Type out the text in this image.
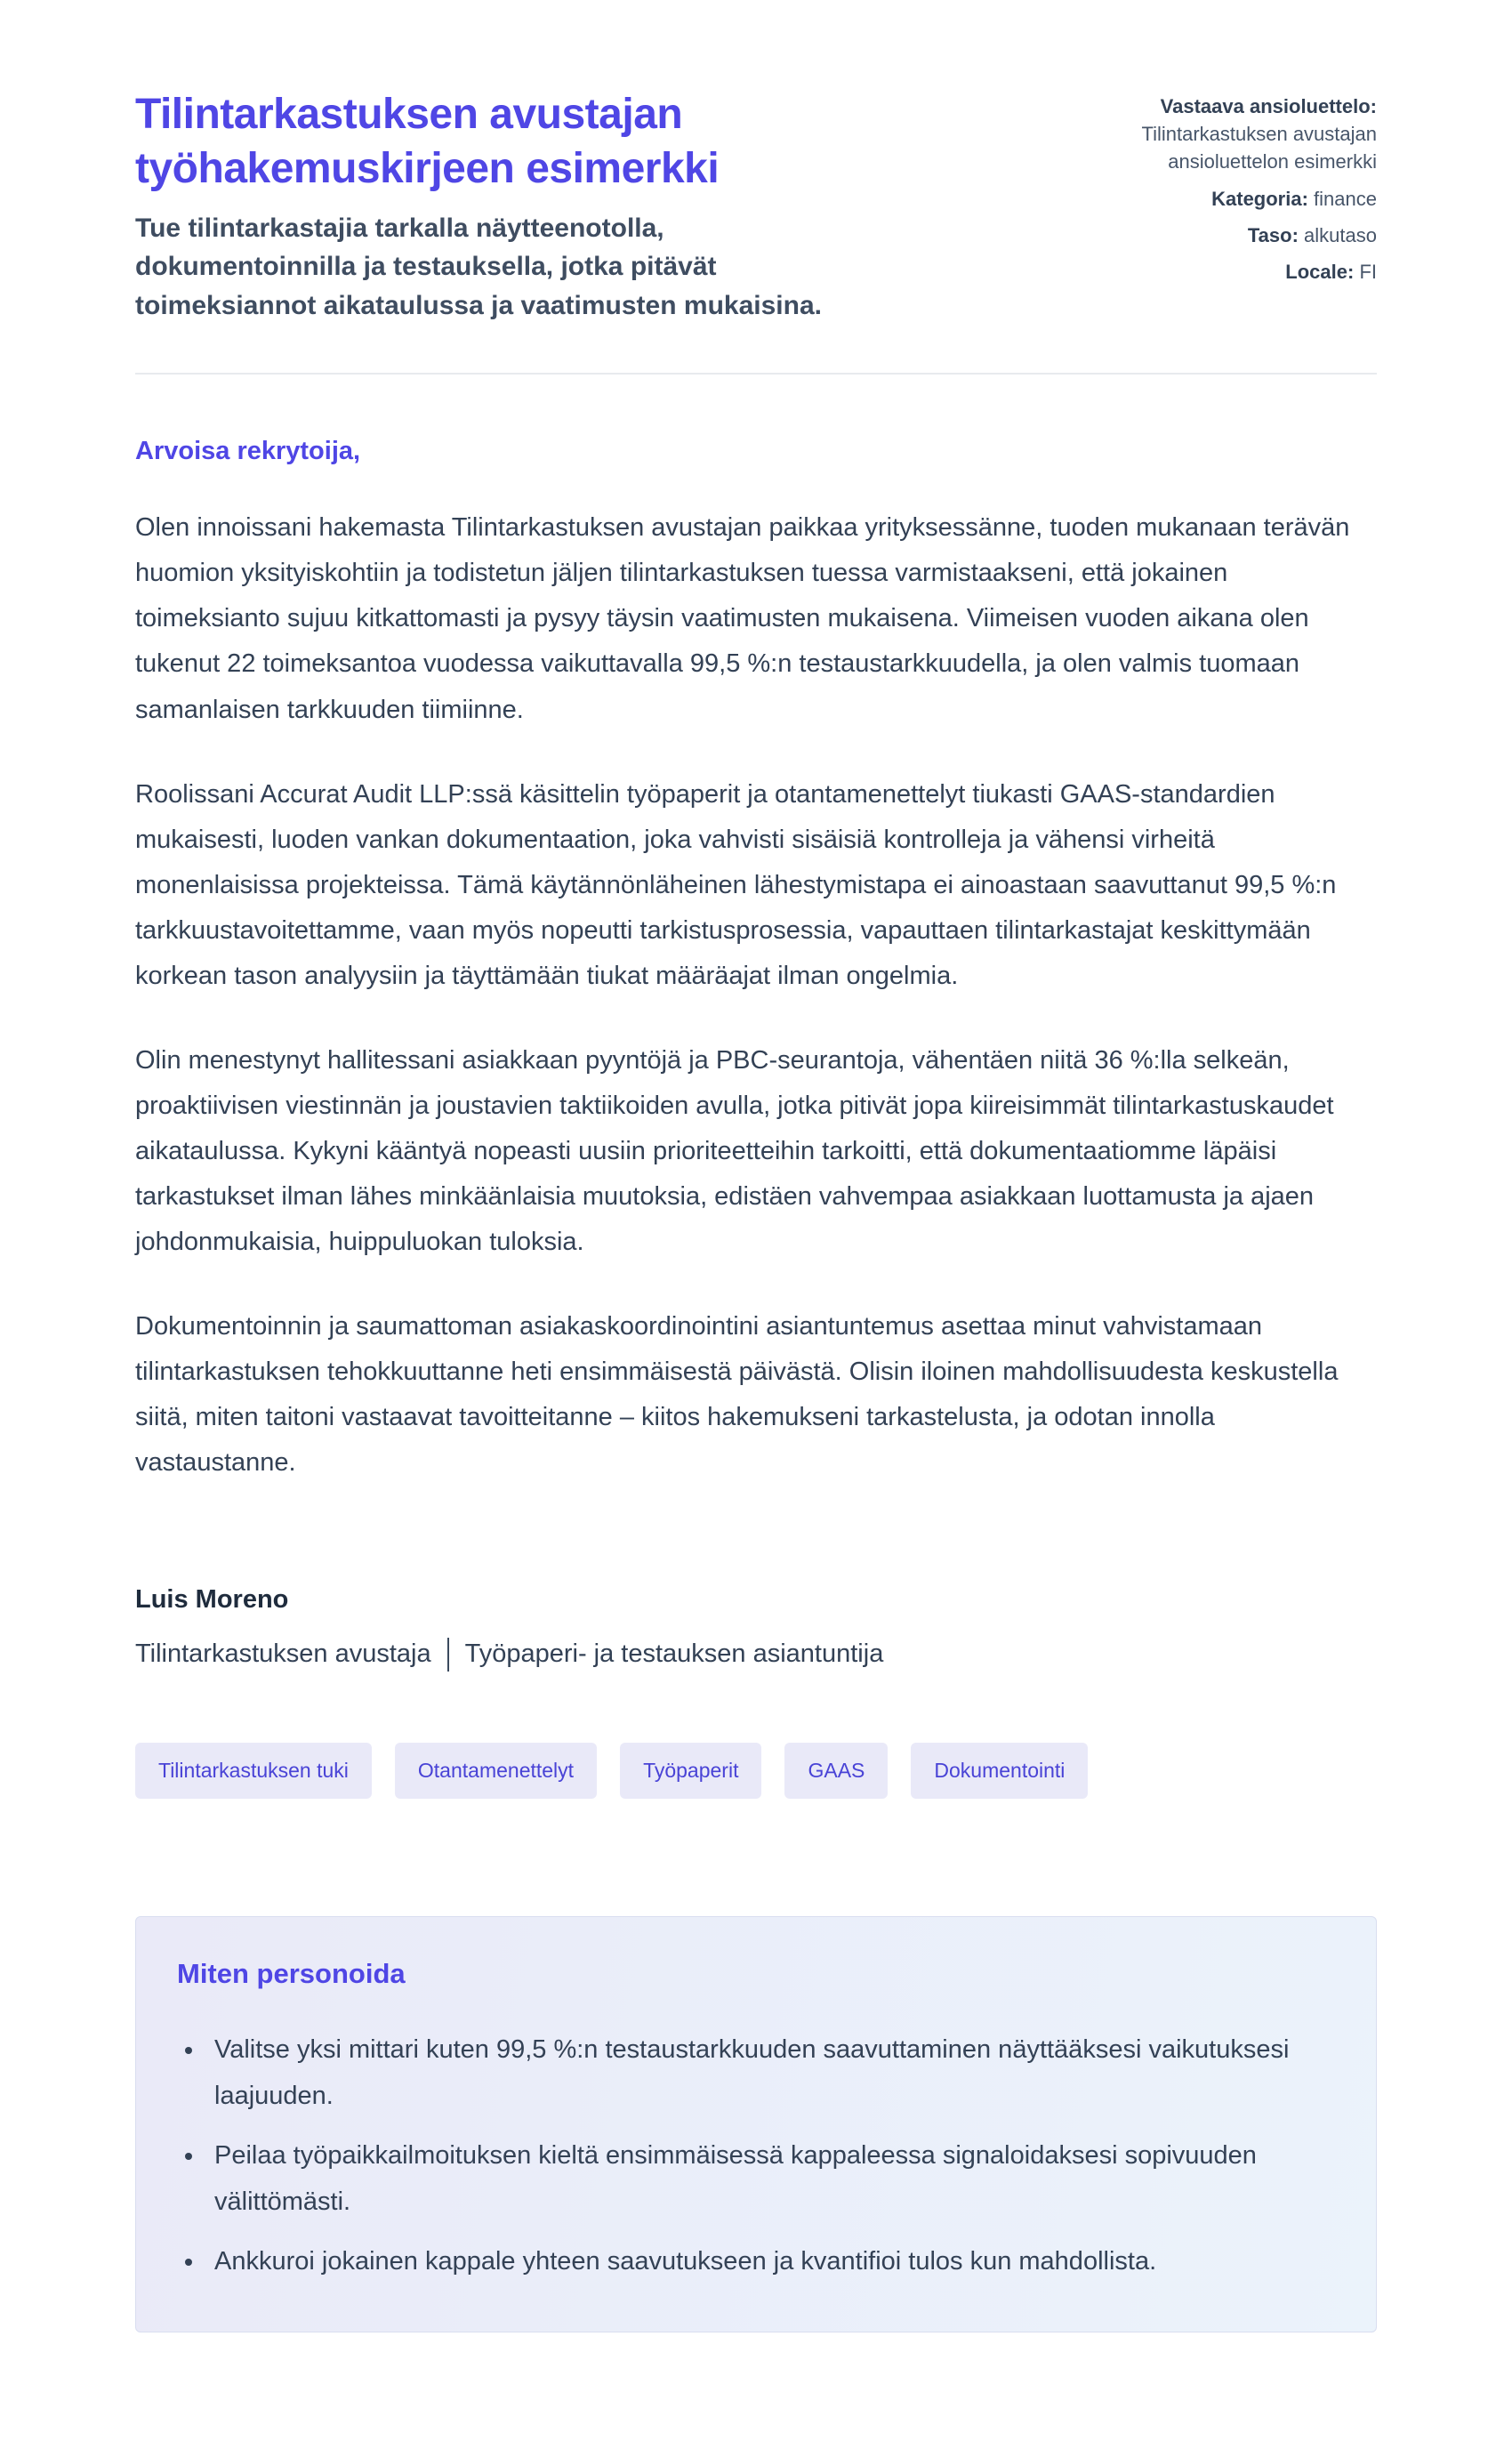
Tilintarkastuksen avustajan työhakemuskirjeen esimerkki

Tue tilintarkastajia tarkalla näytteenotolla, dokumentoinnilla ja testauksella, jotka pitävät toimeksiannot aikataulussa ja vaatimusten mukaisina.

Vastaava ansioluettelo:
Tilintarkastuksen avustajan ansioluettelon esimerkki
Kategoria: finance
Taso: alkutaso
Locale: FI

Arvoisa rekrytoija,

Olen innoissani hakemasta Tilintarkastuksen avustajan paikkaa yrityksessänne, tuoden mukanaan terävän huomion yksityiskohtiin ja todistetun jäljen tilintarkastuksen tuessa varmistaakseni, että jokainen toimeksianto sujuu kitkattomasti ja pysyy täysin vaatimusten mukaisena. Viimeisen vuoden aikana olen tukenut 22 toimeksantoa vuodessa vaikuttavalla 99,5 %:n testaustarkkuudella, ja olen valmis tuomaan samanlaisen tarkkuuden tiimiinne.

Roolissani Accurat Audit LLP:ssä käsittelin työpaperit ja otantamenettelyt tiukasti GAAS-standardien mukaisesti, luoden vankan dokumentaation, joka vahvisti sisäisiä kontrolleja ja vähensi virheitä monenlaisissa projekteissa. Tämä käytännönläheinen lähestymistapa ei ainoastaan saavuttanut 99,5 %:n tarkkuustavoitettamme, vaan myös nopeutti tarkistusprosessia, vapauttaen tilintarkastajat keskittymään korkean tason analyysiin ja täyttämään tiukat määräajat ilman ongelmia.

Olin menestynyt hallitessani asiakkaan pyyntöjä ja PBC-seurantoja, vähentäen niitä 36 %:lla selkeän, proaktiivisen viestinnän ja joustavien taktiikoiden avulla, jotka pitivät jopa kiireisimmät tilintarkastuskaudet aikataulussa. Kykyni kääntyä nopeasti uusiin prioriteetteihin tarkoitti, että dokumentaatiomme läpäisi tarkastukset ilman lähes minkäänlaisia muutoksia, edistäen vahvempaa asiakkaan luottamusta ja ajaen johdonmukaisia, huippuluokan tuloksia.

Dokumentoinnin ja saumattoman asiakaskoordinointini asiantuntemus asettaa minut vahvistamaan tilintarkastuksen tehokkuuttanne heti ensimmäisestä päivästä. Olisin iloinen mahdollisuudesta keskustella siitä, miten taitoni vastaavat tavoitteitanne – kiitos hakemukseni tarkastelusta, ja odotan innolla vastaustanne.

Luis Moreno
Tilintarkastuksen avustaja Työpaperi- ja testauksen asiantuntija
Tilintarkastuksen tuki	Otantamenettelyt	Työpaperit	GAAS	Dokumentointi
Miten personoida
• Valitse yksi mittari kuten 99,5 %:n testaustarkkuuden saavuttaminen näyttääksesi vaikutuksesi laajuuden.
• Peilaa työpaikkailmoituksen kieltä ensimmäisessä kappaleessa signaloidaksesi sopivuuden välittömästi.
• Ankkuroi jokainen kappale yhteen saavutukseen ja kvantifioi tulos kun mahdollista.
